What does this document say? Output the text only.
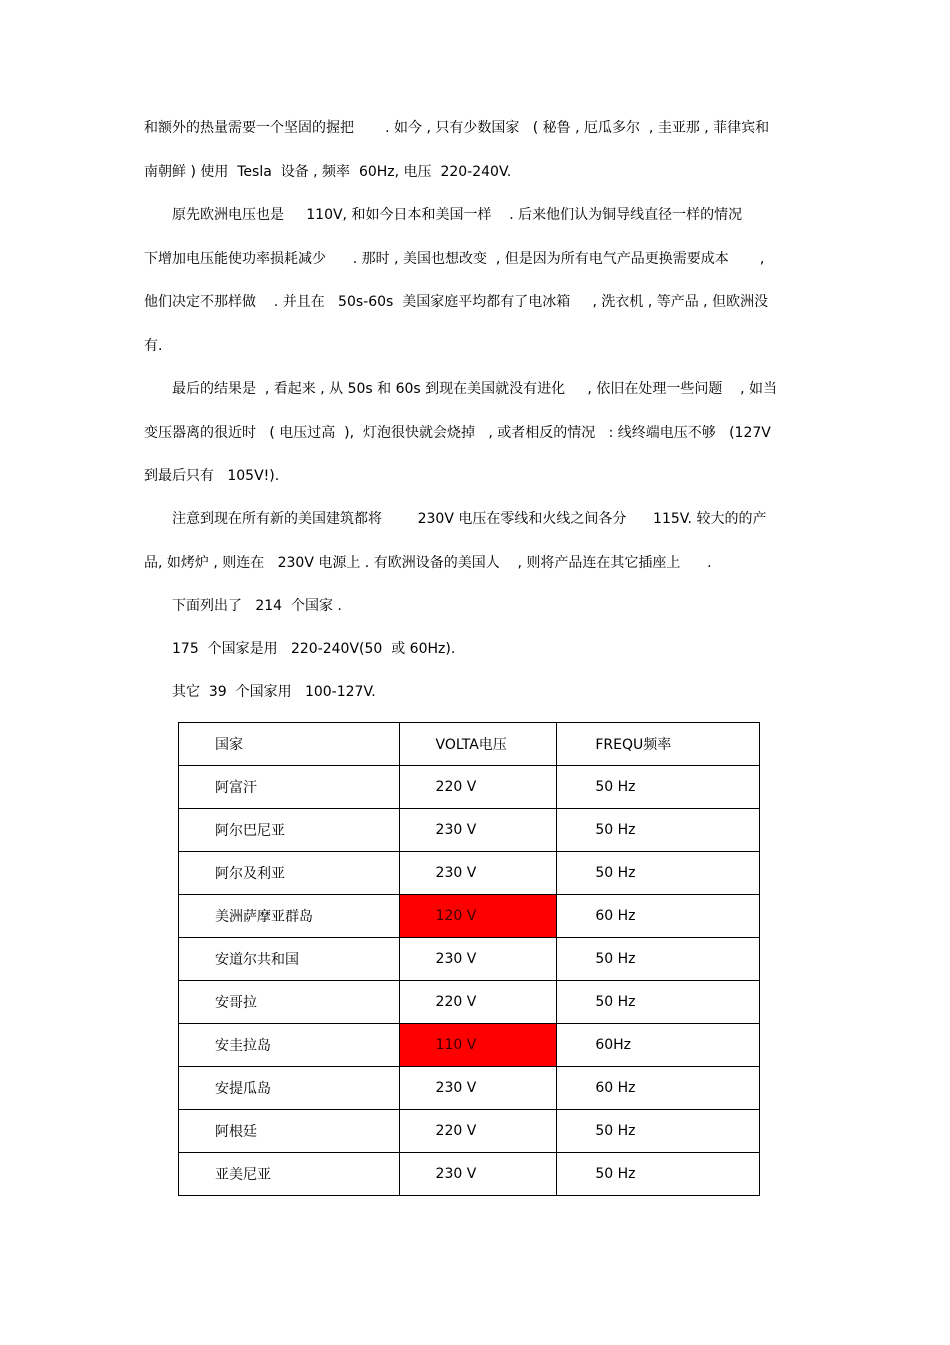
和额外的热量需要一个坚固的握把       . 如今 , 只有少数国家   ( 秘鲁 , 厄瓜多尔  , 圭亚那 , 菲律宾和
南朝鲜 ) 使用  Tesla  设备 , 频率  60Hz, 电压  220-240V.
原先欧洲电压也是     110V, 和如今日本和美国一样    . 后来他们认为铜导线直径一样的情况
下增加电压能使功率损耗减少      . 那时 , 美国也想改变  , 但是因为所有电气产品更换需要成本       ,
他们决定不那样做    . 并且在   50s-60s  美国家庭平均都有了电冰箱     , 洗衣机 , 等产品 , 但欧洲没
有.
最后的结果是  , 看起来 , 从 50s 和 60s 到现在美国就没有进化     , 依旧在处理一些问题    , 如当
变压器离的很近时   ( 电压过高  ),  灯泡很快就会烧掉   , 或者相反的情况   : 线终端电压不够   (127V
到最后只有   105V!).
注意到现在所有新的美国建筑都将        230V 电压在零线和火线之间各分      115V. 较大的的产
品, 如烤炉 , 则连在   230V 电源上 . 有欧洲设备的美国人    , 则将产品连在其它插座上      .
下面列出了   214  个国家 .
175  个国家是用   220-240V(50  或 60Hz).
其它  39  个国家用   100-127V.
国家	VOLTA电压	FREQU频率
阿富汗	220 V	50 Hz
阿尔巴尼亚	230 V	50 Hz
阿尔及利亚	230 V	50 Hz
美洲萨摩亚群岛	120 V	60 Hz
安道尔共和国	230 V	50 Hz
安哥拉	220 V	50 Hz
安圭拉岛	110 V	60Hz
安提瓜岛	230 V	60 Hz
阿根廷	220 V	50 Hz
亚美尼亚	230 V	50 Hz
